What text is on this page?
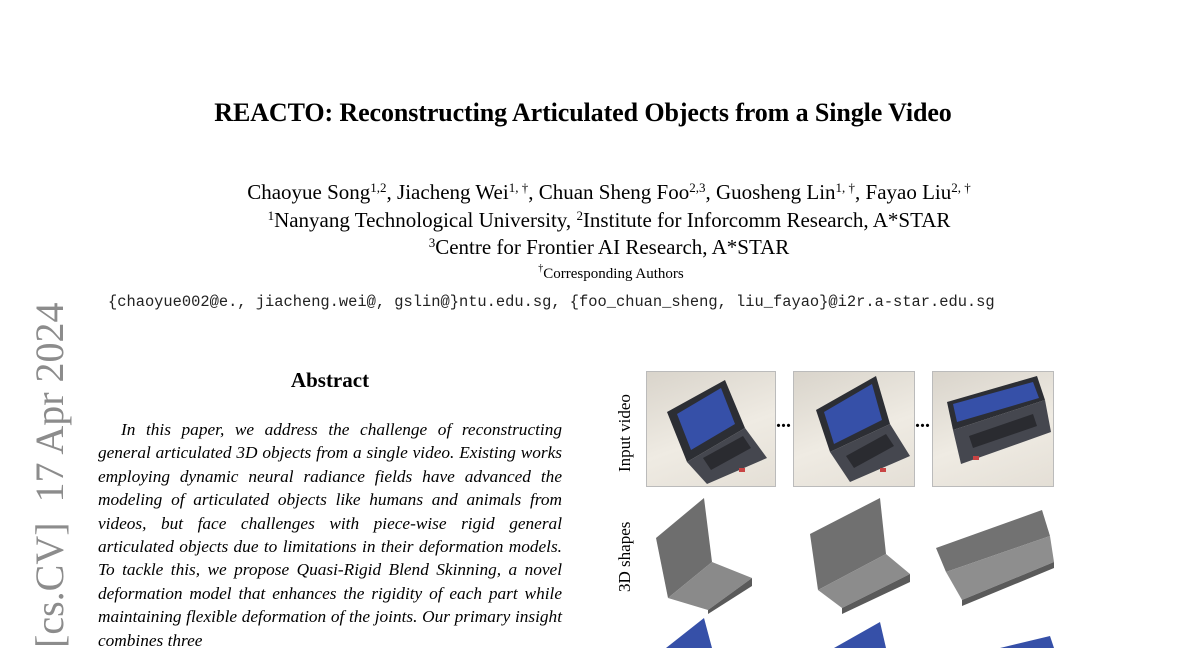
REACTO: Reconstructing Articulated Objects from a Single Video
Chaoyue Song$^{1,2}$, Jiacheng Wei$^{1, \dagger}$, Chuan Sheng Foo$^{2,3}$, Guosheng Lin$^{1, \dagger}$, Fayao Liu$^{2, \dagger}$
$^1$Nanyang Technological University, $^2$Institute for Inforcomm Research, A*STAR
$^3$Centre for Frontier AI Research, A*STAR
†Corresponding Authors
{chaoyue002@e., jiacheng.wei@, gslin@}ntu.edu.sg, {foo_chuan_sheng, liu_fayao}@i2r.a-star.edu.sg
[cs.CV]  17 Apr 2024	Abstract

In this paper, we address the challenge of reconstructing general articulated 3D objects from a single video. Existing works employing dynamic neural radiance fields have advanced the modeling of articulated objects like humans and animals from videos, but face challenges with piece-wise rigid general articulated objects due to limitations in their deformation models. To tackle this, we propose Quasi-Rigid Blend Skinning, a novel deformation model that enhances the rigidity of each part while maintaining flexible deformation of the joints. Our primary insight combines three

Input video
3D shapes
...	...
